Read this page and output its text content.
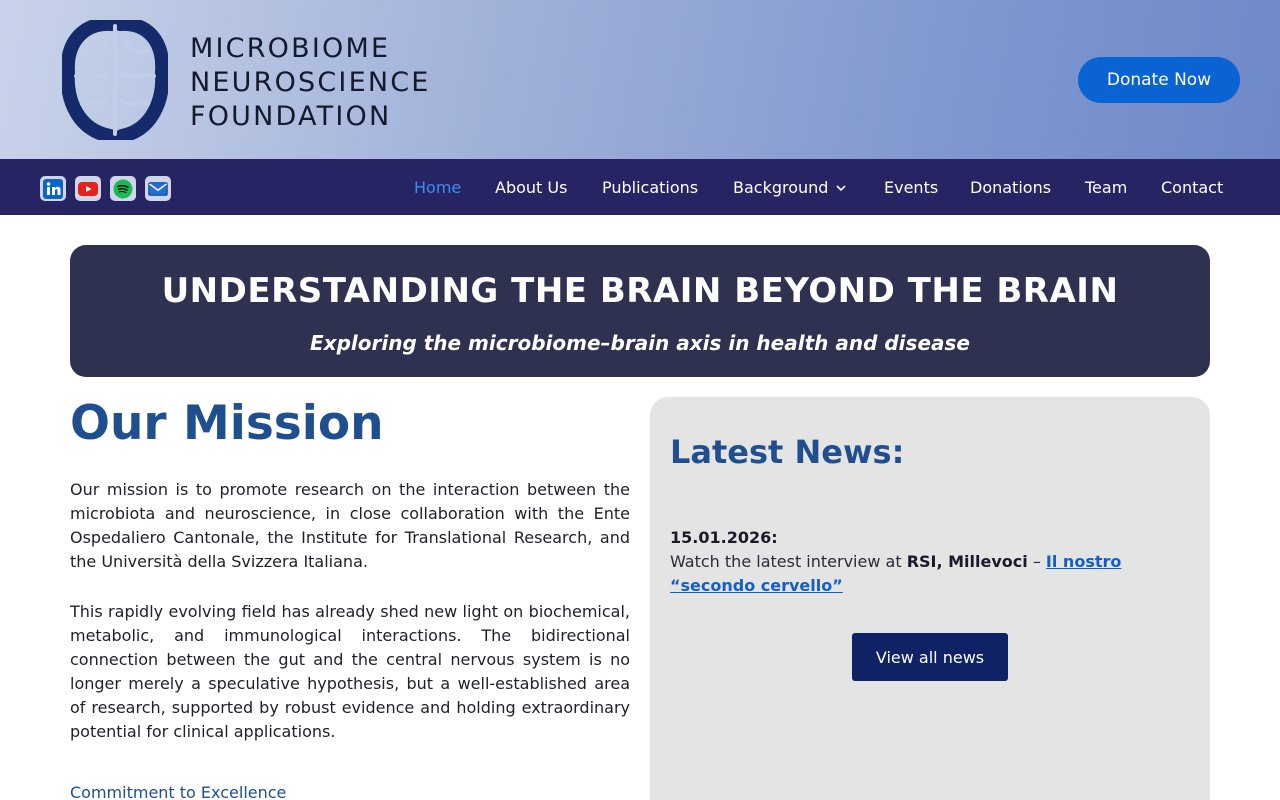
MICROBIOME
NEUROSCIENCE
FOUNDATION
Donate Now
Home About Us Publications Background	Events Donations Team Contact
UNDERSTANDING THE BRAIN BEYOND THE BRAIN
Exploring the microbiome–brain axis in health and disease
Our Mission

Our mission is to promote research on the interaction between the microbiota and neuroscience, in close collaboration with the Ente Ospedaliero Cantonale, the Institute for Translational Research, and the Università della Svizzera Italiana.

This rapidly evolving field has already shed new light on biochemical, metabolic, and immunological interactions. The bidirectional connection between the gut and the central nervous system is no longer merely a speculative hypothesis, but a well-established area of research, supported by robust evidence and holding extraordinary potential for clinical applications.

Commitment to Excellence
Latest News:
15.01.2026:
Watch the latest interview at RSI, Millevoci – Il nostro “secondo cervello”
View all news
